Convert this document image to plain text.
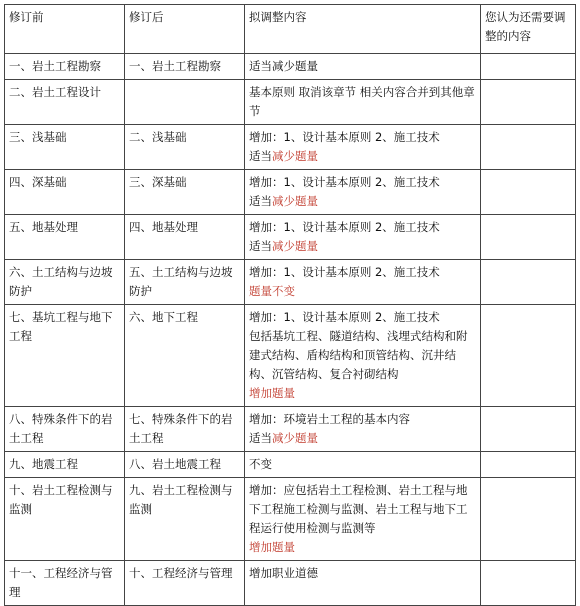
修订前	修订后	拟调整内容	您认为还需要调整的内容
一、岩土工程勘察	一、岩土工程勘察	适当减少题量	

二、岩土工程设计		基本原则 取消该章节 相关内容合并到其他章节	

三、浅基础	二、浅基础	增加：1、设计基本原则 2、施工技术
适当减少题量	

四、深基础	三、深基础	增加：1、设计基本原则 2、施工技术
适当减少题量	

五、地基处理	四、地基处理	增加：1、设计基本原则 2、施工技术
适当减少题量	

六、土工结构与边坡防护	五、土工结构与边坡防护	增加：1、设计基本原则 2、施工技术
题量不变	

七、基坑工程与地下工程	六、地下工程	增加：1、设计基本原则 2、施工技术
包括基坑工程、隧道结构、浅埋式结构和附建式结构、盾构结构和顶管结构、沉井结构、沉管结构、复合衬砌结构
增加题量	

八、特殊条件下的岩土工程	七、特殊条件下的岩土工程	增加：环境岩土工程的基本内容
适当减少题量	

九、地震工程	八、岩土地震工程	不变	

十、岩土工程检测与监测	九、岩土工程检测与监测	增加：应包括岩土工程检测、岩土工程与地下工程施工检测与监测、岩土工程与地下工程运行使用检测与监测等
增加题量	

十一、工程经济与管理	十、工程经济与管理	增加职业道德	
